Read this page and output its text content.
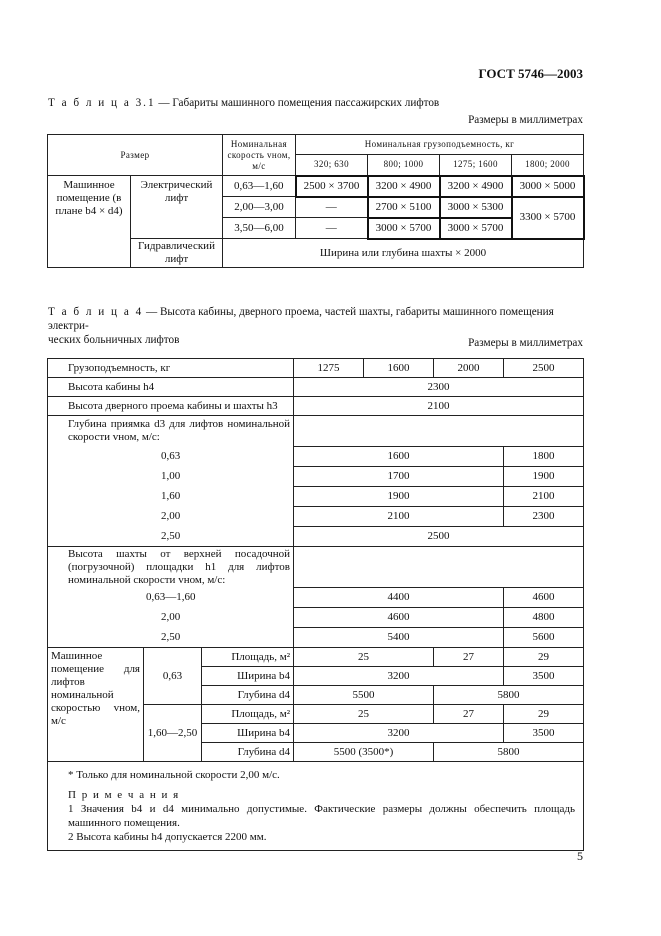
ГОСТ 5746—2003
Т а б л и ц а 3.1 — Габариты машинного помещения пассажирских лифтов
Размеры в миллиметрах
Размер		Номинальная скорость vном, м/с	Номинальная грузоподъемность, кг			
			320; 630	800; 1000	1275; 1600	1800; 2000
Машинное помещение (в плане b4 × d4)	Электрический лифт	0,63—1,60	2500 × 3700	3200 × 4900	3200 × 4900	3000 × 5000
		2,00—3,00	—	2700 × 5100	3000 × 5300	3300 × 5700
		3,50—6,00	—	3000 × 5700	3000 × 5700	
	Гидравлический лифт	Ширина или глубина шахты × 2000				
Т а б л и ц а 4 — Высота кабины, дверного проема, частей шахты, габариты машинного помещения электри-
ческих больничных лифтов	Размеры в миллиметрах
Грузоподъемность, кг			1275	1600	2000	2500
Высота кабины h4			2300			
Высота дверного проема кабины и шахты h3			2100			
Глубина приямка d3 для лифтов номинальной скорости vном, м/с:						
0,63			1600			1800
1,00			1700			1900
1,60			1900			2100
2,00			2100			2300
2,50			2500			
Высота шахты от верхней посадочной (погрузочной) площадки h1 для лифтов номинальной скорости vном, м/с:						
0,63—1,60			4400			4600
2,00			4600			4800
2,50			5400			5600
Машинное помещение для лифтов номинальной скоростью vном, м/с	0,63	Площадь, м²	25		27	29
		Ширина b4	3200			3500
		Глубина d4	5500		5800	
	1,60—2,50	Площадь, м²	25		27	29
		Ширина b4	3200			3500
		Глубина d4	5500 (3500*)		5800	

* Только для номинальной скорости 2,00 м/с.
П р и м е ч а н и я
1 Значения b4 и d4 минимально допустимые. Фактические размеры должны обеспечить площадь машинного помещения.
2 Высота кабины h4 допускается 2200 мм.						
5
